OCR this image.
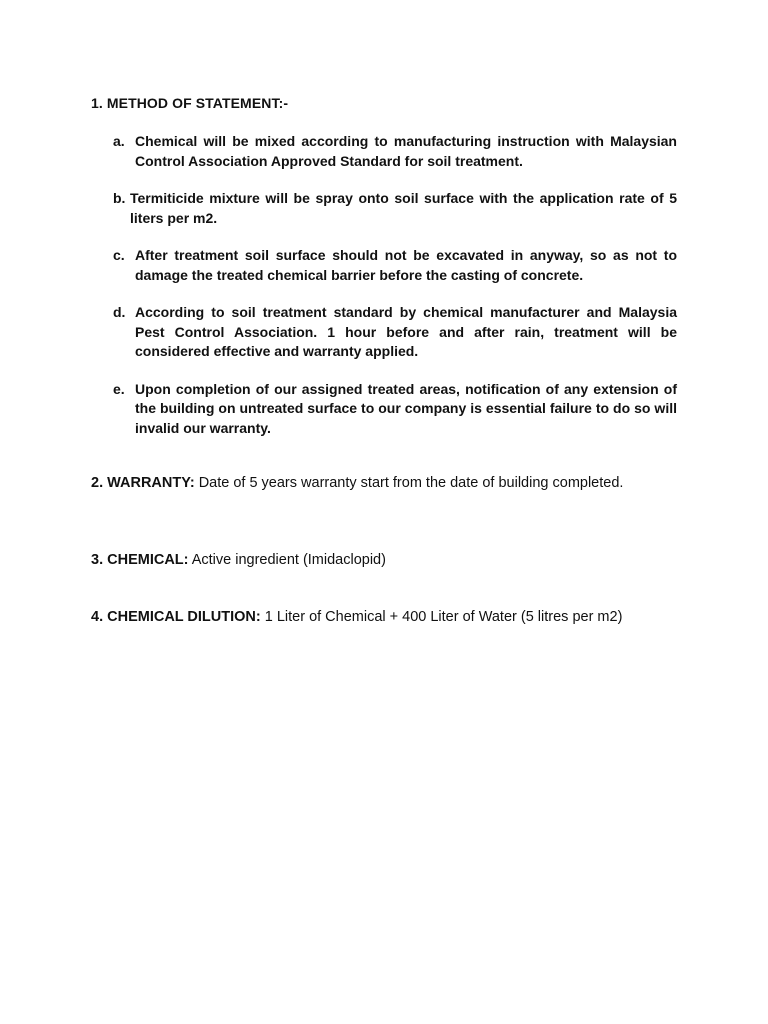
1. METHOD OF STATEMENT:-
a. Chemical will be mixed according to manufacturing instruction with Malaysian Control Association Approved Standard for soil treatment.
b. Termiticide mixture will be spray onto soil surface with the application rate of 5 liters per m2.
c. After treatment soil surface should not be excavated in anyway, so as not to damage the treated chemical barrier before the casting of concrete.
d. According to soil treatment standard by chemical manufacturer and Malaysia Pest Control Association. 1 hour before and after rain, treatment will be considered effective and warranty applied.
e. Upon completion of our assigned treated areas, notification of any extension of the building on untreated surface to our company is essential failure to do so will invalid our warranty.
2. WARRANTY: Date of 5 years warranty start from the date of building completed.
3. CHEMICAL: Active ingredient (Imidaclopid)
4. CHEMICAL DILUTION: 1 Liter of Chemical + 400 Liter of Water (5 litres per m2)
